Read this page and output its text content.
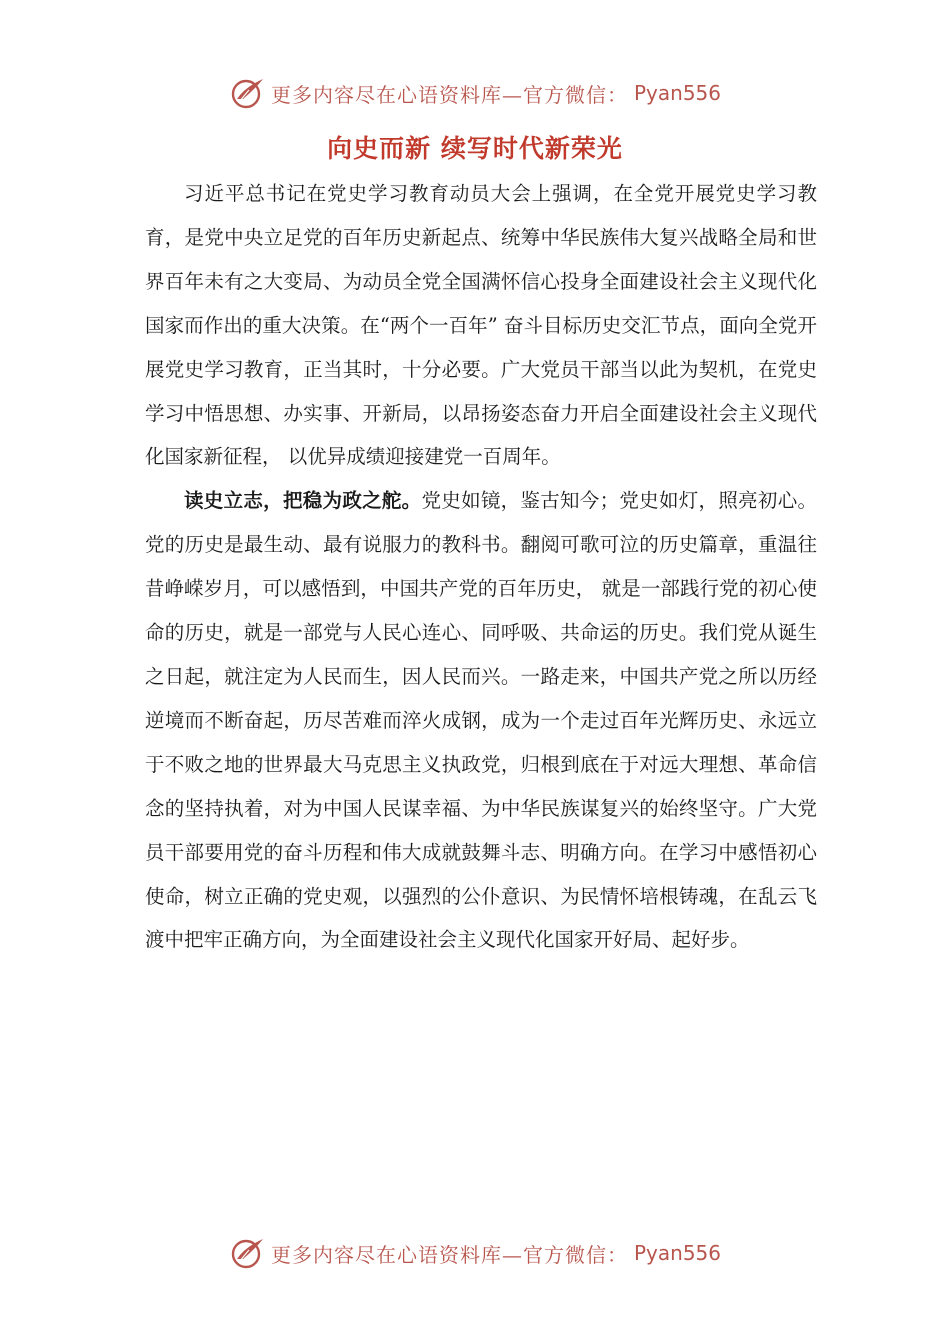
更多内容尽在心语资料库—官方微信： Pyan556
向史而新 续写时代新荣光

习近平总书记在党史学习教育动员大会上强调，在全党开展党史学习教育，是党中央立足党的百年历史新起点、统筹中华民族伟大复兴战略全局和世界百年未有之大变局、为动员全党全国满怀信心投身全面建设社会主义现代化国家而作出的重大决策。在“两个一百年” 奋斗目标历史交汇节点，面向全党开展党史学习教育，正当其时，十分必要。广大党员干部当以此为契机，在党史学习中悟思想、办实事、开新局，以昂扬姿态奋力开启全面建设社会主义现代化国家新征程， 以优异成绩迎接建党一百周年。

读史立志，把稳为政之舵。党史如镜，鉴古知今；党史如灯，照亮初心。党的历史是最生动、最有说服力的教科书。翻阅可歌可泣的历史篇章，重温往昔峥嵘岁月，可以感悟到，中国共产党的百年历史， 就是一部践行党的初心使命的历史，就是一部党与人民心连心、同呼吸、共命运的历史。我们党从诞生之日起，就注定为人民而生，因人民而兴。一路走来，中国共产党之所以历经逆境而不断奋起，历尽苦难而淬火成钢，成为一个走过百年光辉历史、永远立于不败之地的世界最大马克思主义执政党，归根到底在于对远大理想、革命信念的坚持执着，对为中国人民谋幸福、为中华民族谋复兴的始终坚守。广大党员干部要用党的奋斗历程和伟大成就鼓舞斗志、明确方向。在学习中感悟初心使命，树立正确的党史观，以强烈的公仆意识、为民情怀培根铸魂，在乱云飞渡中把牢正确方向，为全面建设社会主义现代化国家开好局、起好步。

更多内容尽在心语资料库—官方微信： Pyan556
